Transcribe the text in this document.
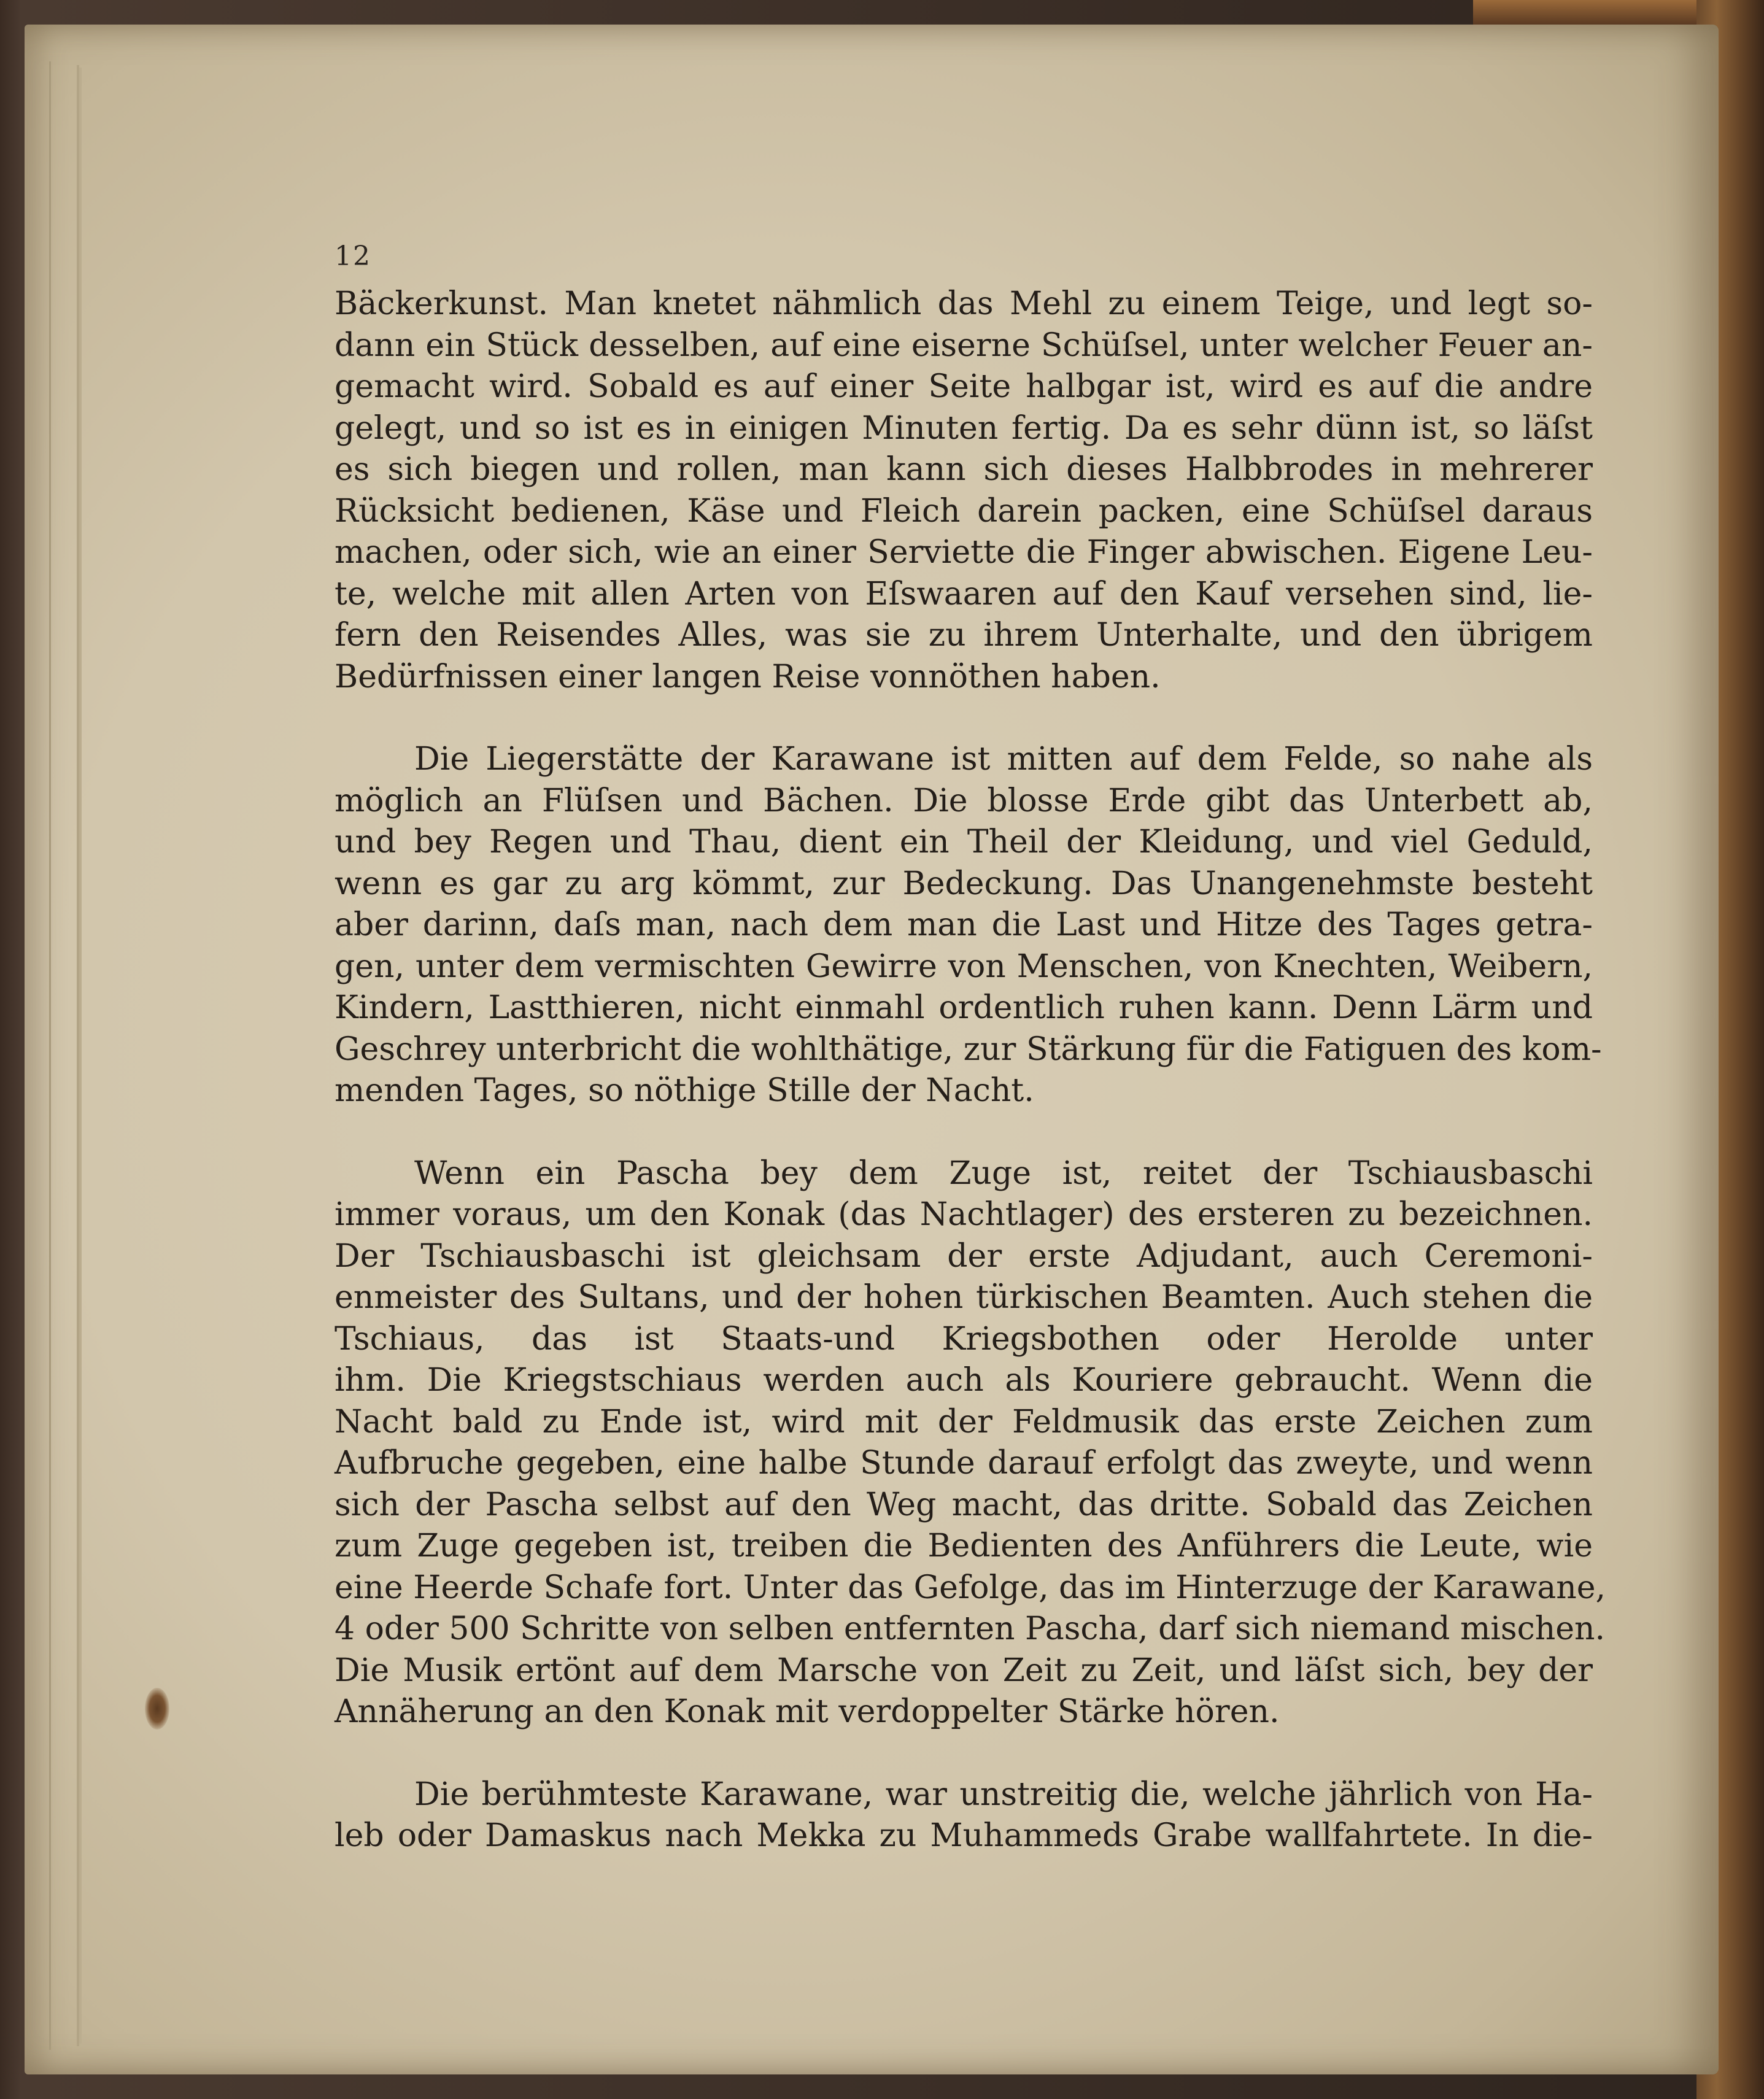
12
Bäckerkunst. Man knetet nähmlich das Mehl zu einem Teige, und legt so-
dann ein Stück desselben, auf eine eiserne Schüſsel, unter welcher Feuer an-
gemacht wird. Sobald es auf einer Seite halbgar ist, wird es auf die andre
gelegt, und so ist es in einigen Minuten fertig. Da es sehr dünn ist, so läſst
es sich biegen und rollen, man kann sich dieses Halbbrodes in mehrerer
Rücksicht bedienen, Käse und Fleich darein packen, eine Schüſsel daraus
machen, oder sich, wie an einer Serviette die Finger abwischen. Eigene Leu-
te, welche mit allen Arten von Eſswaaren auf den Kauf versehen sind, lie-
fern den Reisendes Alles, was sie zu ihrem Unterhalte, und den übrigem
Bedürfnissen einer langen Reise vonnöthen haben.
Die Liegerstätte der Karawane ist mitten auf dem Felde, so nahe als
möglich an Flüſsen und Bächen. Die blosse Erde gibt das Unterbett ab,
und bey Regen und Thau, dient ein Theil der Kleidung, und viel Geduld,
wenn es gar zu arg kömmt, zur Bedeckung. Das Unangenehmste besteht
aber darinn, daſs man, nach dem man die Last und Hitze des Tages getra-
gen, unter dem vermischten Gewirre von Menschen, von Knechten, Weibern,
Kindern, Lastthieren, nicht einmahl ordentlich ruhen kann. Denn Lärm und
Geschrey unterbricht die wohlthätige, zur Stärkung für die Fatiguen des kom-
menden Tages, so nöthige Stille der Nacht.
Wenn ein Pascha bey dem Zuge ist, reitet der Tschiausbaschi
immer voraus, um den Konak (das Nachtlager) des ersteren zu bezeichnen.
Der Tschiausbaschi ist gleichsam der erste Adjudant, auch Ceremoni-
enmeister des Sultans, und der hohen türkischen Beamten. Auch stehen die
Tschiaus, das ist Staats-und Kriegsbothen oder Herolde unter
ihm. Die Kriegstschiaus werden auch als Kouriere gebraucht. Wenn die
Nacht bald zu Ende ist, wird mit der Feldmusik das erste Zeichen zum
Aufbruche gegeben, eine halbe Stunde darauf erfolgt das zweyte, und wenn
sich der Pascha selbst auf den Weg macht, das dritte. Sobald das Zeichen
zum Zuge gegeben ist, treiben die Bedienten des Anführers die Leute, wie
eine Heerde Schafe fort. Unter das Gefolge, das im Hinterzuge der Karawane,
4 oder 500 Schritte von selben entfernten Pascha, darf sich niemand mischen.
Die Musik ertönt auf dem Marsche von Zeit zu Zeit, und läſst sich, bey der
Annäherung an den Konak mit verdoppelter Stärke hören.
Die berühmteste Karawane, war unstreitig die, welche jährlich von Ha-
leb oder Damaskus nach Mekka zu Muhammeds Grabe wallfahrtete. In die-
